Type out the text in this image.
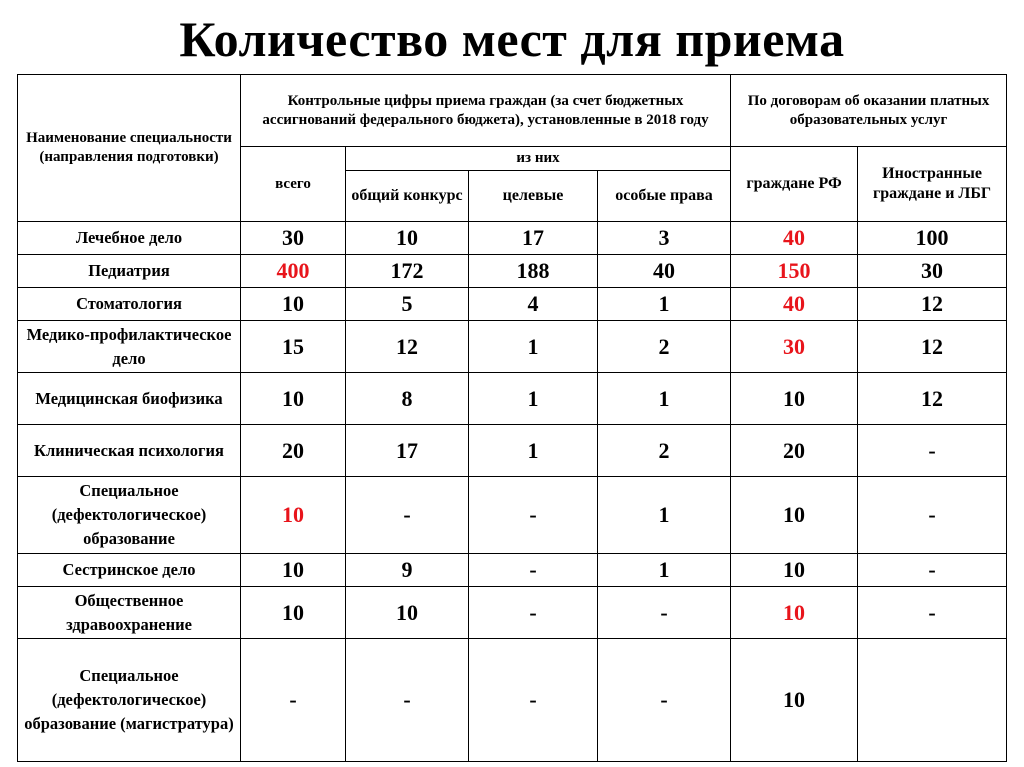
Количество мест для приема
Наименование специальности (направления подготовки)	Контрольные цифры приема граждан (за счет бюджетных ассигнований федерального бюджета), установленные в 2018 году				По договорам об оказании платных образовательных услуг	
	всего	из них			граждане РФ	Иностранные граждане и ЛБГ
		общий конкурс	целевые	особые права		
Лечебное дело	30	10	17	3	40	100
Педиатрия	400	172	188	40	150	30
Стоматология	10	5	4	1	40	12
Медико-профилактическое дело	15	12	1	2	30	12
Медицинская биофизика	10	8	1	1	10	12
Клиническая психология	20	17	1	2	20	-
Специальное (дефектологическое) образование	10	-	-	1	10	-
Сестринское дело	10	9	-	1	10	-
Общественное здравоохранение	10	10	-	-	10	-
Специальное (дефектологическое) образование (магистратура)	-	-	-	-	10	
